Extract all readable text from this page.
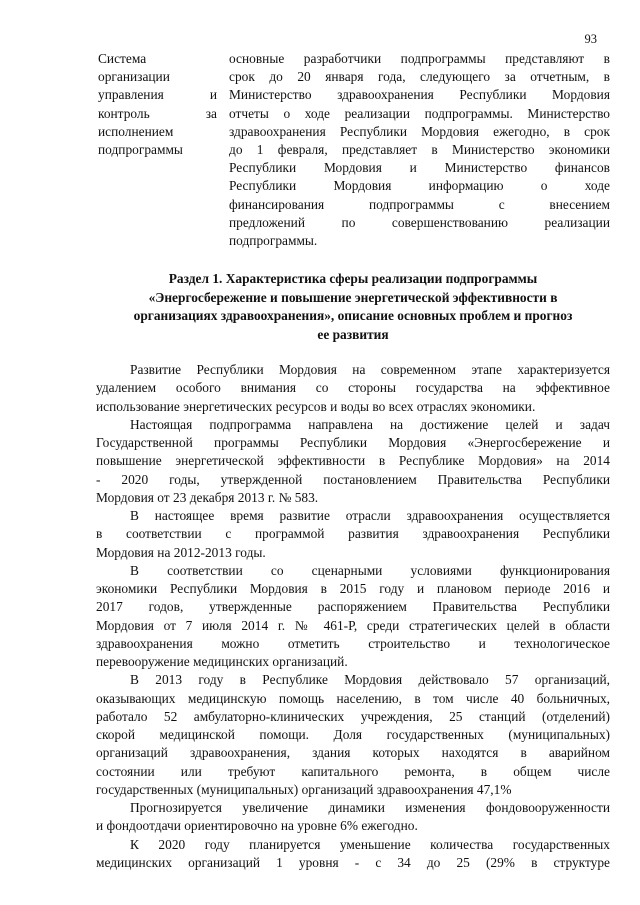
93
Система
организации
управления	и
контроль	за
исполнением
подпрограммы
основные разработчики подпрограммы представляют в
срок до 20 января года, следующего за отчетным, в
Министерство здравоохранения Республики Мордовия
отчеты о ходе реализации подпрограммы. Министерство
здравоохранения Республики Мордовия ежегодно, в срок
до 1 февраля, представляет в Министерство экономики
Республики Мордовия и Министерство финансов
Республики Мордовия информацию о ходе
финансирования подпрограммы с внесением
предложений по совершенствованию реализации
подпрограммы.
Раздел 1. Характеристика сферы реализации подпрограммы
«Энергосбережение и повышение энергетической эффективности в
организациях здравоохранения», описание основных проблем и прогноз
ее развития
Развитие Республики Мордовия на современном этапе характеризуется
удалением особого внимания со стороны государства на эффективное
использование энергетических ресурсов и воды во всех отраслях экономики.
Настоящая подпрограмма направлена на достижение целей и задач
Государственной программы Республики Мордовия «Энергосбережение и
повышение энергетической эффективности в Республике Мордовия» на 2014
- 2020 годы, утвержденной постановлением Правительства Республики
Мордовия от 23 декабря 2013 г. № 583.
В настоящее время развитие отрасли здравоохранения осуществляется
в соответствии с программой развития здравоохранения Республики
Мордовия на 2012-2013 годы.
В соответствии со сценарными условиями функционирования
экономики Республики Мордовия в 2015 году и плановом периоде 2016 и
2017 годов, утвержденные распоряжением Правительства Республики
Мордовия от 7 июля 2014 г. № 461-Р, среди стратегических целей в области
здравоохранения можно отметить строительство и технологическое
перевооружение медицинских организаций.
В 2013 году в Республике Мордовия действовало 57 организаций,
оказывающих медицинскую помощь населению, в том числе 40 больничных,
работало 52 амбулаторно-клинических учреждения, 25 станций (отделений)
скорой медицинской помощи. Доля государственных (муниципальных)
организаций здравоохранения, здания которых находятся в аварийном
состоянии или требуют капитального ремонта, в общем числе
государственных (муниципальных) организаций здравоохранения 47,1%
Прогнозируется увеличение динамики изменения фондовооруженности
и фондоотдачи ориентировочно на уровне 6% ежегодно.
К 2020 году планируется уменьшение количества государственных
медицинских организаций 1 уровня - с 34 до 25 (29% в структуре
